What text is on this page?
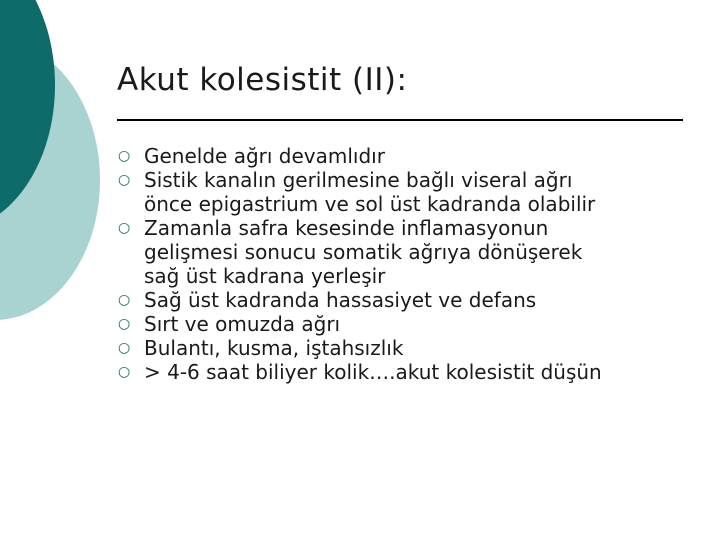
Akut kolesistit (II):
○ Genelde ağrı devamlıdır
○ Sistik kanalın gerilmesine bağlı viseral ağrı
önce epigastrium ve sol üst kadranda olabilir
○ Zamanla safra kesesinde inflamasyonun
gelişmesi sonucu somatik ağrıya dönüşerek
sağ üst kadrana yerleşir
○ Sağ üst kadranda hassasiyet ve defans
○ Sırt ve omuzda ağrı
○ Bulantı, kusma, iştahsızlık
○ > 4-6 saat biliyer kolik….akut kolesistit düşün
